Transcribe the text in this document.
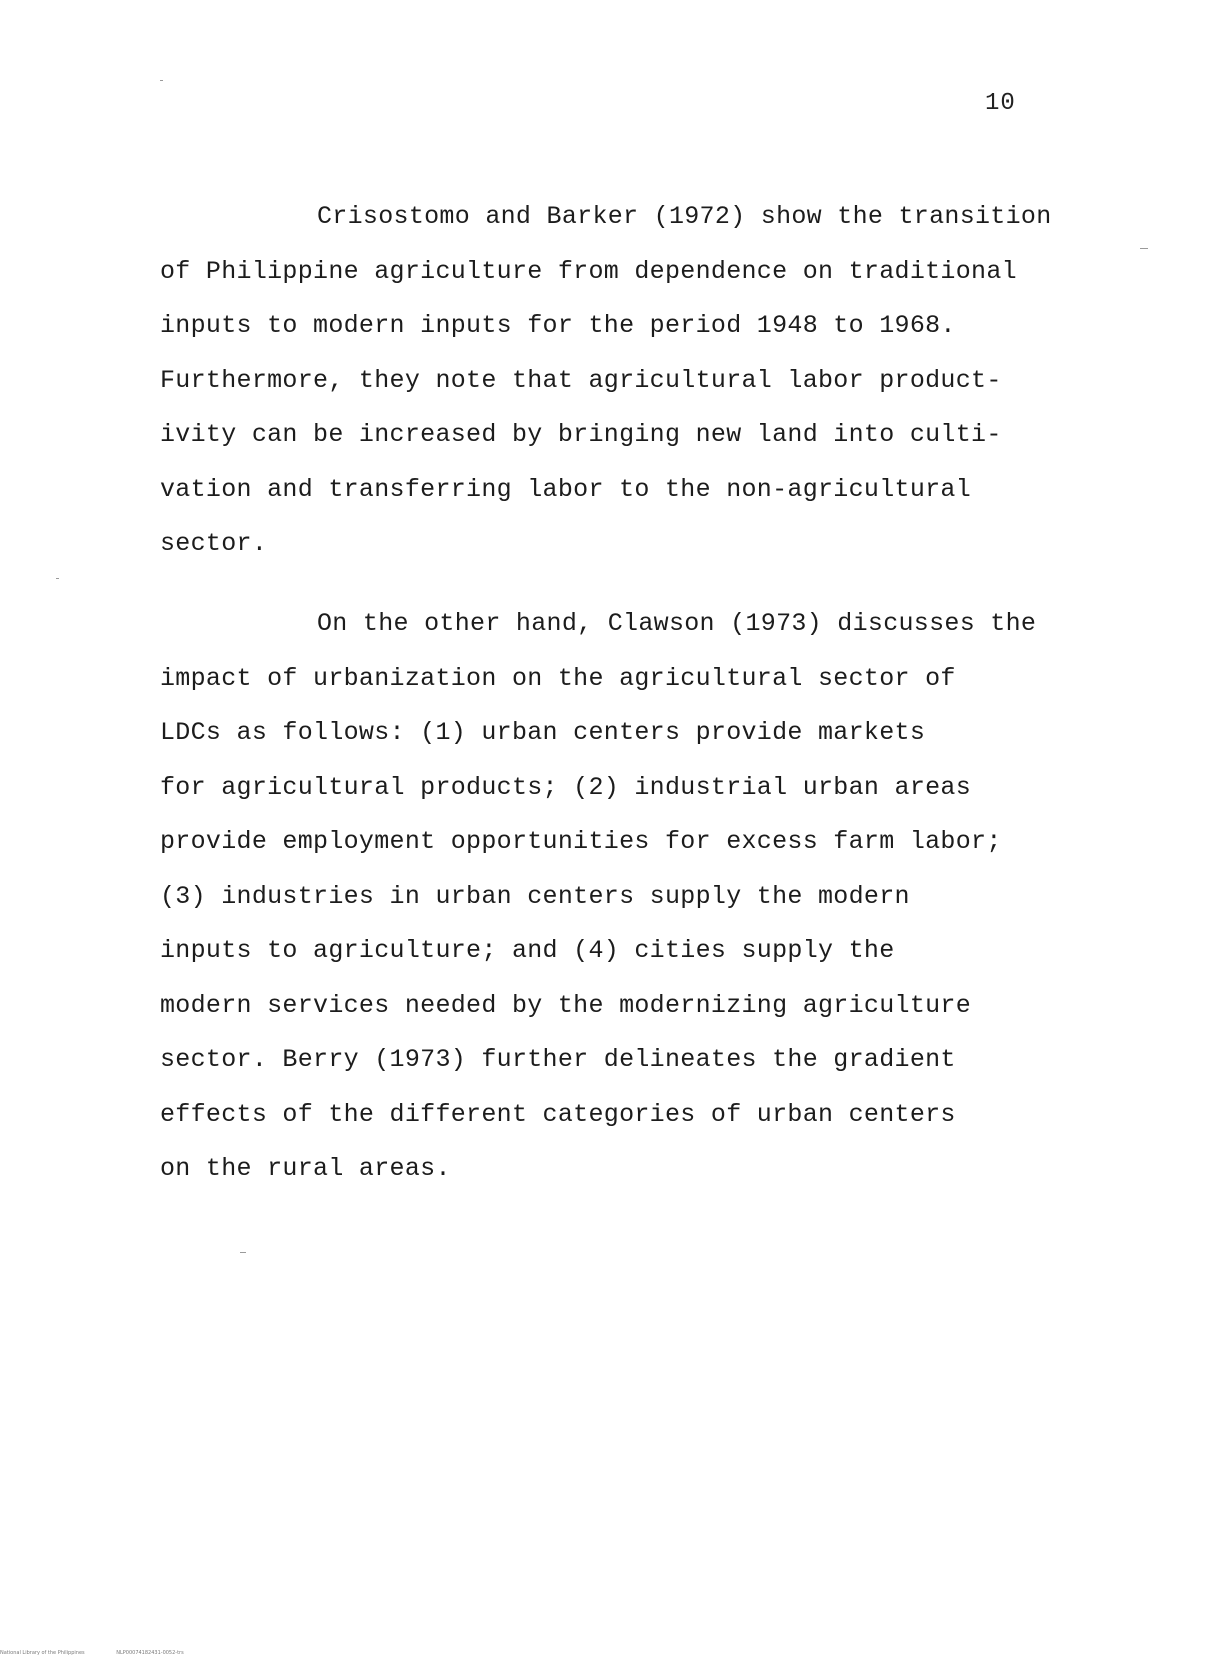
10
Crisostomo and Barker (1972) show the transition
of Philippine agriculture from dependence on traditional
inputs to modern inputs for the period 1948 to 1968.
Furthermore, they note that agricultural labor product-
ivity can be increased by bringing new land into culti-
vation and transferring labor to the non-agricultural
sector.
On the other hand, Clawson (1973) discusses the
impact of urbanization on the agricultural sector of
LDCs as follows: (1) urban centers provide markets
for agricultural products; (2) industrial urban areas
provide employment opportunities for excess farm labor;
(3) industries in urban centers supply the modern
inputs to agriculture; and (4) cities supply the
modern services needed by the modernizing agriculture
sector. Berry (1973) further delineates the gradient
effects of the different categories of urban centers
on the rural areas.
National Library of the Philippines	NLP00074182431-0052-trs
